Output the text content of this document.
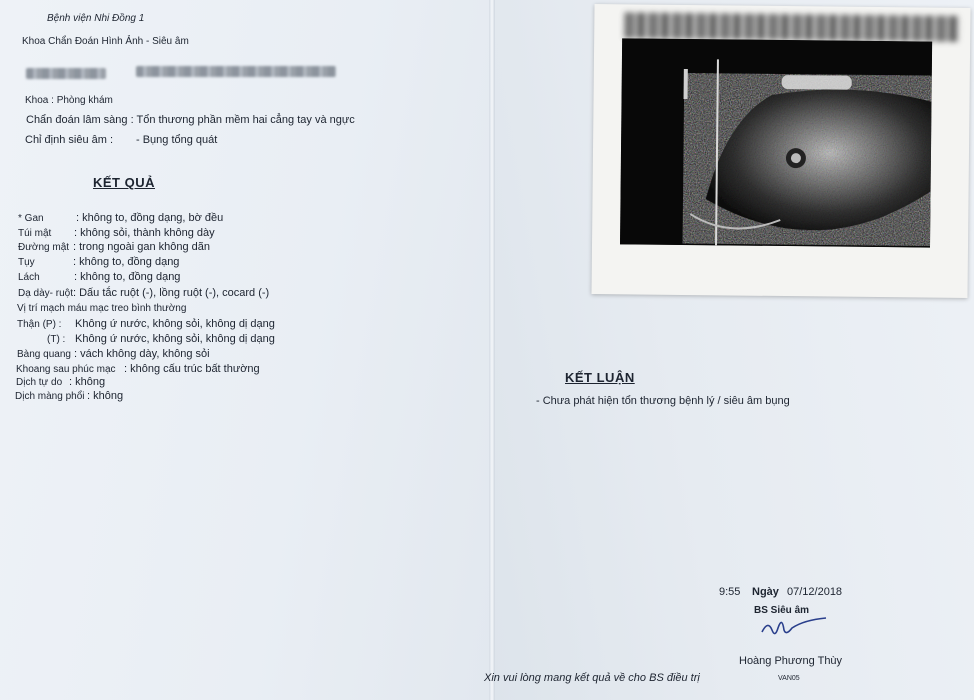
Bệnh viện Nhi Đồng 1
Khoa Chẩn Đoán Hình Ảnh - Siêu âm
Khoa : Phòng khám
Chẩn đoán lâm sàng : Tổn thương phần mềm hai cẳng tay và ngực
Chỉ định siêu âm : - Bụng tổng quát
KẾT QUẢ
* Gan	: không to, đồng dạng, bờ đều
Túi mật : không sỏi, thành không dày
Đường mật : trong ngoài gan không dãn
Tụy	: không to, đồng dạng
Lách	: không to, đồng dạng
Dạ dày- ruột : Dấu tắc ruột (-), lồng ruột (-), cocard (-)
Vị trí mạch máu mạc treo bình thường
Thận (P) : Không ứ nước, không sỏi, không dị dạng
(T) : Không ứ nước, không sỏi, không dị dạng
Bàng quang : vách không dày, không sỏi
Khoang sau phúc mạc : không cấu trúc bất thường
Dịch tự do : không
Dịch màng phổi : không
KẾT LUẬN
- Chưa phát hiện tổn thương bệnh lý / siêu âm bụng
9:55 Ngày 07/12/2018
BS Siêu âm
Hoàng Phương Thùy
VAN05
Xin vui lòng mang kết quả về cho BS điều trị
